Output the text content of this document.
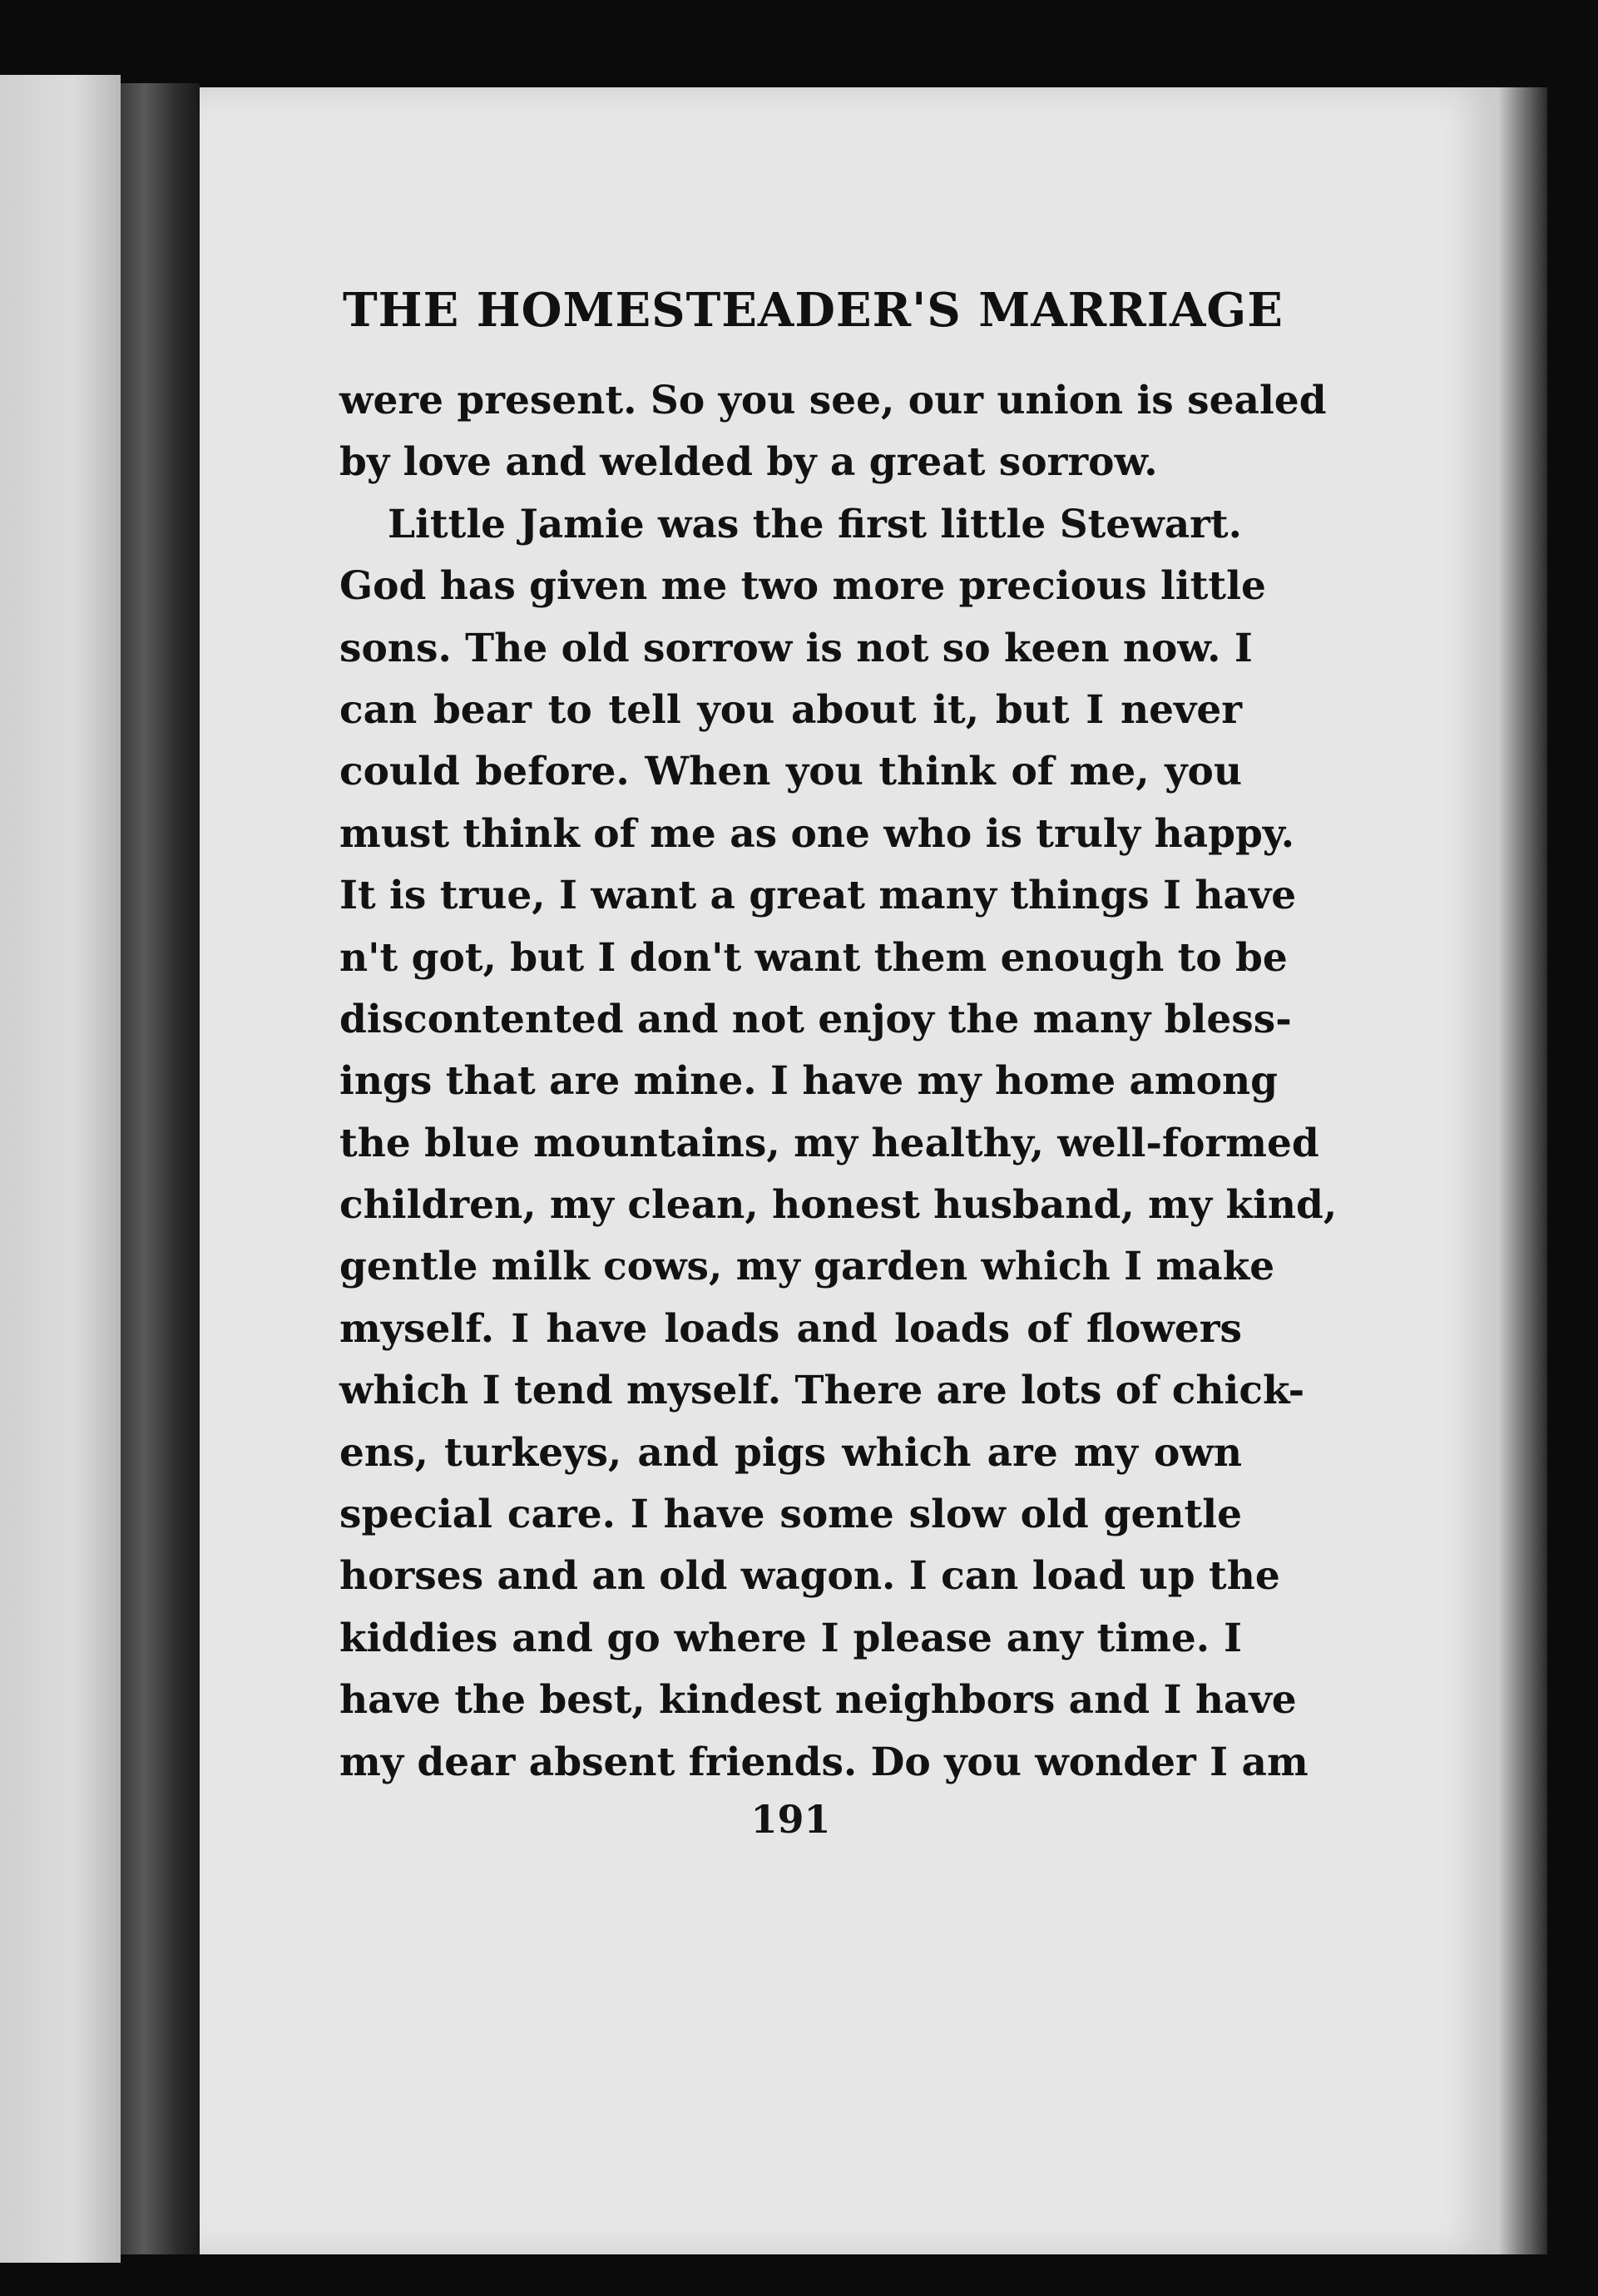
THE HOMESTEADER'S MARRIAGE
were present. So you see, our union is sealed
by love and welded by a great sorrow.
Little Jamie was the first little Stewart.
God has given me two more precious little
sons. The old sorrow is not so keen now. I
can bear to tell you about it, but I never
could before. When you think of me, you
must think of me as one who is truly happy.
It is true, I want a great many things I have
n't got, but I don't want them enough to be
discontented and not enjoy the many bless-
ings that are mine. I have my home among
the blue mountains, my healthy, well-formed
children, my clean, honest husband, my kind,
gentle milk cows, my garden which I make
myself. I have loads and loads of flowers
which I tend myself. There are lots of chick-
ens, turkeys, and pigs which are my own
special care. I have some slow old gentle
horses and an old wagon. I can load up the
kiddies and go where I please any time. I
have the best, kindest neighbors and I have
my dear absent friends. Do you wonder I am
191
